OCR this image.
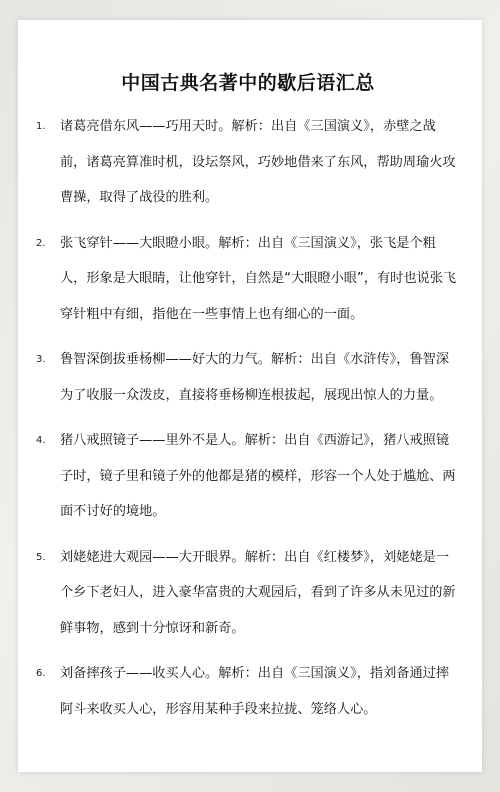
中国古典名著中的歇后语汇总
1.	诸葛亮借东风——巧用天时。解析：出自《三国演义》，赤壁之战前，诸葛亮算准时机，设坛祭风，巧妙地借来了东风，帮助周瑜火攻曹操，取得了战役的胜利。

2.	张飞穿针——大眼瞪小眼。解析：出自《三国演义》，张飞是个粗人，形象是大眼睛，让他穿针，自然是“大眼瞪小眼”，有时也说张飞穿针粗中有细，指他在一些事情上也有细心的一面。

3.	鲁智深倒拔垂杨柳——好大的力气。解析：出自《水浒传》，鲁智深为了收服一众泼皮，直接将垂杨柳连根拔起，展现出惊人的力量。

4.	猪八戒照镜子——里外不是人。解析：出自《西游记》，猪八戒照镜子时，镜子里和镜子外的他都是猪的模样，形容一个人处于尴尬、两面不讨好的境地。

5.	刘姥姥进大观园——大开眼界。解析：出自《红楼梦》，刘姥姥是一个乡下老妇人，进入豪华富贵的大观园后，看到了许多从未见过的新鲜事物，感到十分惊讶和新奇。

6.	刘备摔孩子——收买人心。解析：出自《三国演义》，指刘备通过摔阿斗来收买人心，形容用某种手段来拉拢、笼络人心。
